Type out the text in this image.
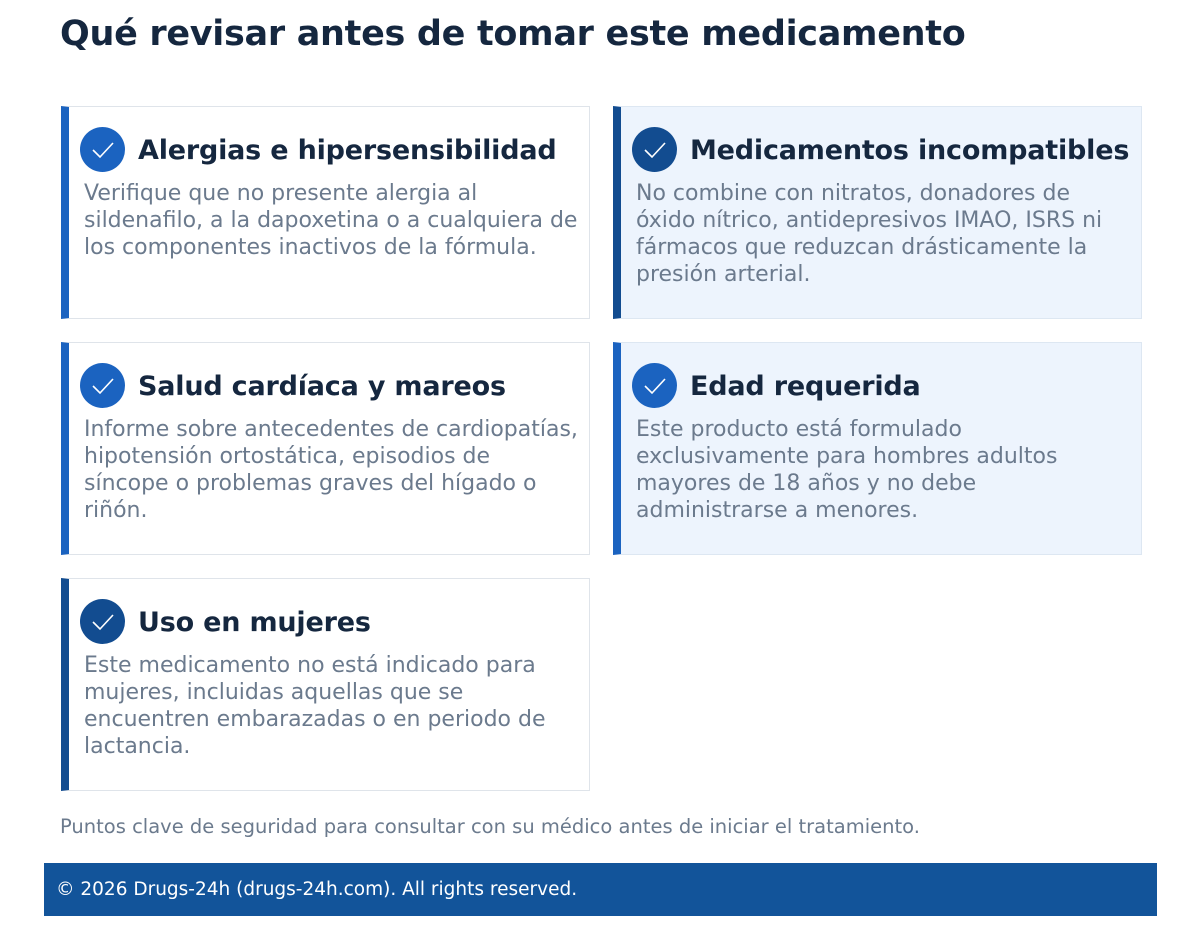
Qué revisar antes de tomar este medicamento
Alergias e hipersensibilidad
Verifique que no presente alergia al sildenafilo, a la dapoxetina o a cualquiera de los componentes inactivos de la fórmula.
Medicamentos incompatibles
No combine con nitratos, donadores de óxido nítrico, antidepresivos IMAO, ISRS ni fármacos que reduzcan drásticamente la presión arterial.
Salud cardíaca y mareos
Informe sobre antecedentes de cardiopatías, hipotensión ortostática, episodios de síncope o problemas graves del hígado o riñón.
Edad requerida
Este producto está formulado exclusivamente para hombres adultos mayores de 18 años y no debe administrarse a menores.
Uso en mujeres
Este medicamento no está indicado para mujeres, incluidas aquellas que se encuentren embarazadas o en periodo de lactancia.

Puntos clave de seguridad para consultar con su médico antes de iniciar el tratamiento.

© 2026 Drugs-24h (drugs-24h.com). All rights reserved.
